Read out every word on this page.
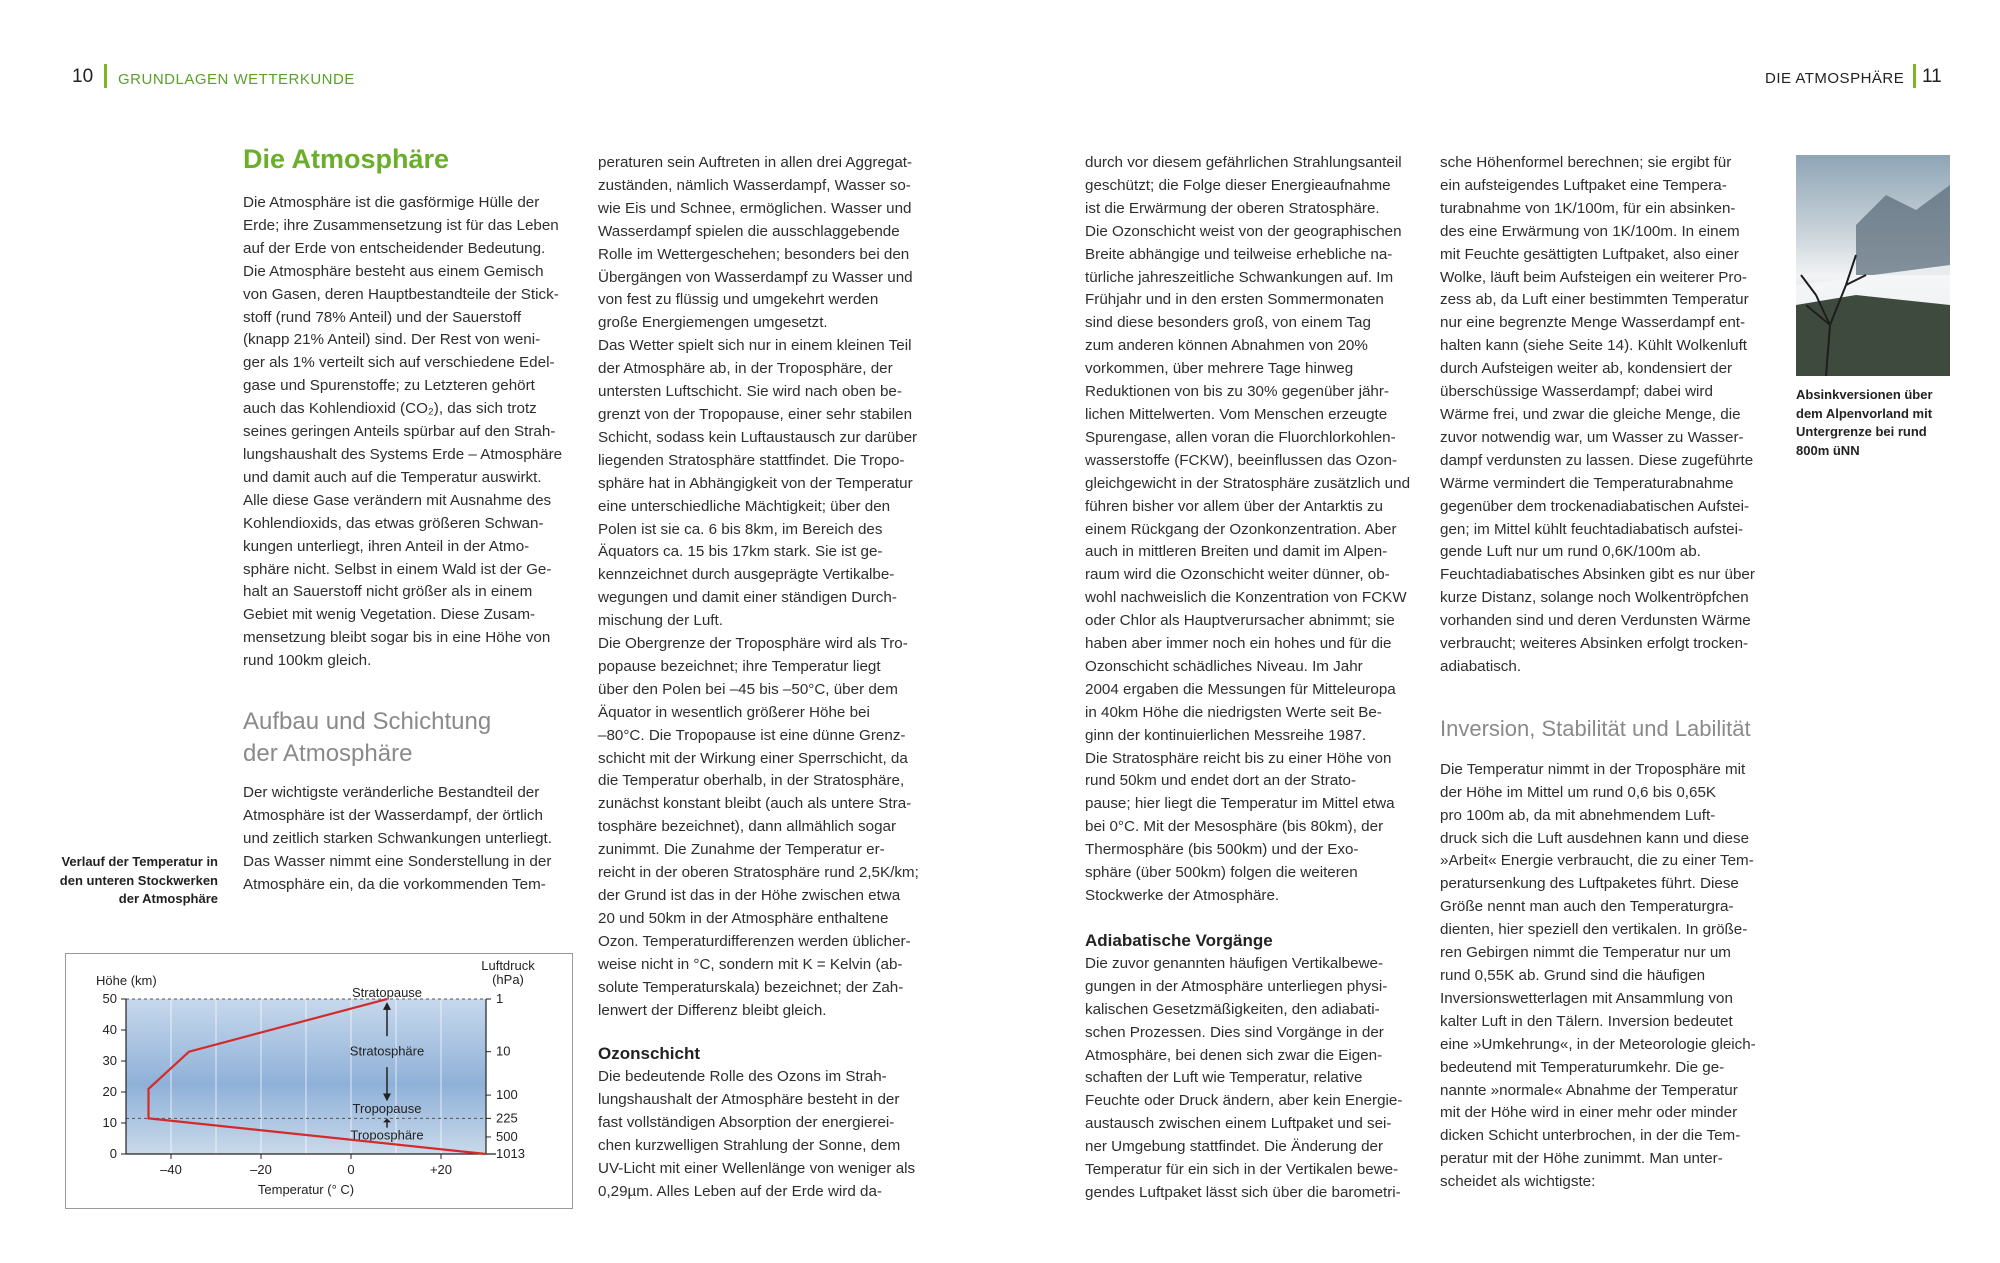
10 GRUNDLAGEN WETTERKUNDE	DIE ATMOSPHÄRE 11
Die Atmosphäre
Die Atmosphäre ist die gasförmige Hülle der
Erde; ihre Zusammensetzung ist für das Leben
auf der Erde von entscheidender Bedeutung.
Die Atmosphäre besteht aus einem Gemisch
von Gasen, deren Hauptbestandteile der Stick-
stoff (rund 78% Anteil) und der Sauerstoff
(knapp 21% Anteil) sind. Der Rest von weni-
ger als 1% verteilt sich auf verschiedene Edel-
gase und Spurenstoffe; zu Letzteren gehört
auch das Kohlendioxid (CO₂), das sich trotz
seines geringen Anteils spürbar auf den Strah-
lungshaushalt des Systems Erde – Atmosphäre
und damit auch auf die Temperatur auswirkt.
Alle diese Gase verändern mit Ausnahme des
Kohlendioxids, das etwas größeren Schwan-
kungen unterliegt, ihren Anteil in der Atmo-
sphäre nicht. Selbst in einem Wald ist der Ge-
halt an Sauerstoff nicht größer als in einem
Gebiet mit wenig Vegetation. Diese Zusam-
mensetzung bleibt sogar bis in eine Höhe von
rund 100km gleich.
Aufbau und Schichtung
der Atmosphäre
Der wichtigste veränderliche Bestandteil der
Atmosphäre ist der Wasserdampf, der örtlich
und zeitlich starken Schwankungen unterliegt.
Das Wasser nimmt eine Sonderstellung in der
Atmosphäre ein, da die vorkommenden Tem-
Verlauf der Temperatur in
den unteren Stockwerken
der Atmosphäre
0
10
20
30
40
50
–40	–20	0	+20
1
10
100
225
500
1013
Höhe (km)
Temperatur (° C)
Luftdruck
(hPa)
Stratopause
Stratosphäre
Tropopause
Troposphäre
peraturen sein Auftreten in allen drei Aggregat-
zuständen, nämlich Wasserdampf, Wasser so-
wie Eis und Schnee, ermöglichen. Wasser und
Wasserdampf spielen die ausschlaggebende
Rolle im Wettergeschehen; besonders bei den
Übergängen von Wasserdampf zu Wasser und
von fest zu flüssig und umgekehrt werden
große Energiemengen umgesetzt.
Das Wetter spielt sich nur in einem kleinen Teil
der Atmosphäre ab, in der Troposphäre, der
untersten Luftschicht. Sie wird nach oben be-
grenzt von der Tropopause, einer sehr stabilen
Schicht, sodass kein Luftaustausch zur darüber
liegenden Stratosphäre stattfindet. Die Tropo-
sphäre hat in Abhängigkeit von der Temperatur
eine unterschiedliche Mächtigkeit; über den
Polen ist sie ca. 6 bis 8km, im Bereich des
Äquators ca. 15 bis 17km stark. Sie ist ge-
kennzeichnet durch ausgeprägte Vertikalbe-
wegungen und damit einer ständigen Durch-
mischung der Luft.
Die Obergrenze der Troposphäre wird als Tro-
popause bezeichnet; ihre Temperatur liegt
über den Polen bei –45 bis –50°C, über dem
Äquator in wesentlich größerer Höhe bei
–80°C. Die Tropopause ist eine dünne Grenz-
schicht mit der Wirkung einer Sperrschicht, da
die Temperatur oberhalb, in der Stratosphäre,
zunächst konstant bleibt (auch als untere Stra-
tosphäre bezeichnet), dann allmählich sogar
zunimmt. Die Zunahme der Temperatur er-
reicht in der oberen Stratosphäre rund 2,5K/km;
der Grund ist das in der Höhe zwischen etwa
20 und 50km in der Atmosphäre enthaltene
Ozon. Temperaturdifferenzen werden üblicher-
weise nicht in °C, sondern mit K = Kelvin (ab-
solute Temperaturskala) bezeichnet; der Zah-
lenwert der Differenz bleibt gleich.
Ozonschicht
Die bedeutende Rolle des Ozons im Strah-
lungshaushalt der Atmosphäre besteht in der
fast vollständigen Absorption der energierei-
chen kurzwelligen Strahlung der Sonne, dem
UV-Licht mit einer Wellenlänge von weniger als
0,29µm. Alles Leben auf der Erde wird da-
durch vor diesem gefährlichen Strahlungsanteil
geschützt; die Folge dieser Energieaufnahme
ist die Erwärmung der oberen Stratosphäre.
Die Ozonschicht weist von der geographischen
Breite abhängige und teilweise erhebliche na-
türliche jahreszeitliche Schwankungen auf. Im
Frühjahr und in den ersten Sommermonaten
sind diese besonders groß, von einem Tag
zum anderen können Abnahmen von 20%
vorkommen, über mehrere Tage hinweg
Reduktionen von bis zu 30% gegenüber jähr-
lichen Mittelwerten. Vom Menschen erzeugte
Spurengase, allen voran die Fluorchlorkohlen-
wasserstoffe (FCKW), beeinflussen das Ozon-
gleichgewicht in der Stratosphäre zusätzlich und
führen bisher vor allem über der Antarktis zu
einem Rückgang der Ozonkonzentration. Aber
auch in mittleren Breiten und damit im Alpen-
raum wird die Ozonschicht weiter dünner, ob-
wohl nachweislich die Konzentration von FCKW
oder Chlor als Hauptverursacher abnimmt; sie
haben aber immer noch ein hohes und für die
Ozonschicht schädliches Niveau. Im Jahr
2004 ergaben die Messungen für Mitteleuropa
in 40km Höhe die niedrigsten Werte seit Be-
ginn der kontinuierlichen Messreihe 1987.
Die Stratosphäre reicht bis zu einer Höhe von
rund 50km und endet dort an der Strato-
pause; hier liegt die Temperatur im Mittel etwa
bei 0°C. Mit der Mesosphäre (bis 80km), der
Thermosphäre (bis 500km) und der Exo-
sphäre (über 500km) folgen die weiteren
Stockwerke der Atmosphäre.
Adiabatische Vorgänge
Die zuvor genannten häufigen Vertikalbewe-
gungen in der Atmosphäre unterliegen physi-
kalischen Gesetzmäßigkeiten, den adiabati-
schen Prozessen. Dies sind Vorgänge in der
Atmosphäre, bei denen sich zwar die Eigen-
schaften der Luft wie Temperatur, relative
Feuchte oder Druck ändern, aber kein Energie-
austausch zwischen einem Luftpaket und sei-
ner Umgebung stattfindet. Die Änderung der
Temperatur für ein sich in der Vertikalen bewe-
gendes Luftpaket lässt sich über die barometri-
sche Höhenformel berechnen; sie ergibt für
ein aufsteigendes Luftpaket eine Tempera-
turabnahme von 1K/100m, für ein absinken-
des eine Erwärmung von 1K/100m. In einem
mit Feuchte gesättigten Luftpaket, also einer
Wolke, läuft beim Aufsteigen ein weiterer Pro-
zess ab, da Luft einer bestimmten Temperatur
nur eine begrenzte Menge Wasserdampf ent-
halten kann (siehe Seite 14). Kühlt Wolkenluft
durch Aufsteigen weiter ab, kondensiert der
überschüssige Wasserdampf; dabei wird
Wärme frei, und zwar die gleiche Menge, die
zuvor notwendig war, um Wasser zu Wasser-
dampf verdunsten zu lassen. Diese zugeführte
Wärme vermindert die Temperaturabnahme
gegenüber dem trockenadiabatischen Aufstei-
gen; im Mittel kühlt feuchtadiabatisch aufstei-
gende Luft nur um rund 0,6K/100m ab.
Feuchtadiabatisches Absinken gibt es nur über
kurze Distanz, solange noch Wolkentröpfchen
vorhanden sind und deren Verdunsten Wärme
verbraucht; weiteres Absinken erfolgt trocken-
adiabatisch.
Inversion, Stabilität und Labilität
Die Temperatur nimmt in der Troposphäre mit
der Höhe im Mittel um rund 0,6 bis 0,65K
pro 100m ab, da mit abnehmendem Luft-
druck sich die Luft ausdehnen kann und diese
»Arbeit« Energie verbraucht, die zu einer Tem-
peratursenkung des Luftpaketes führt. Diese
Größe nennt man auch den Temperaturgra-
dienten, hier speziell den vertikalen. In größe-
ren Gebirgen nimmt die Temperatur nur um
rund 0,55K ab. Grund sind die häufigen
Inversionswetterlagen mit Ansammlung von
kalter Luft in den Tälern. Inversion bedeutet
eine »Umkehrung«, in der Meteorologie gleich-
bedeutend mit Temperaturumkehr. Die ge-
nannte »normale« Abnahme der Temperatur
mit der Höhe wird in einer mehr oder minder
dicken Schicht unterbrochen, in der die Tem-
peratur mit der Höhe zunimmt. Man unter-
scheidet als wichtigste:
Absinkversionen über
dem Alpenvorland mit
Untergrenze bei rund
800m üNN
